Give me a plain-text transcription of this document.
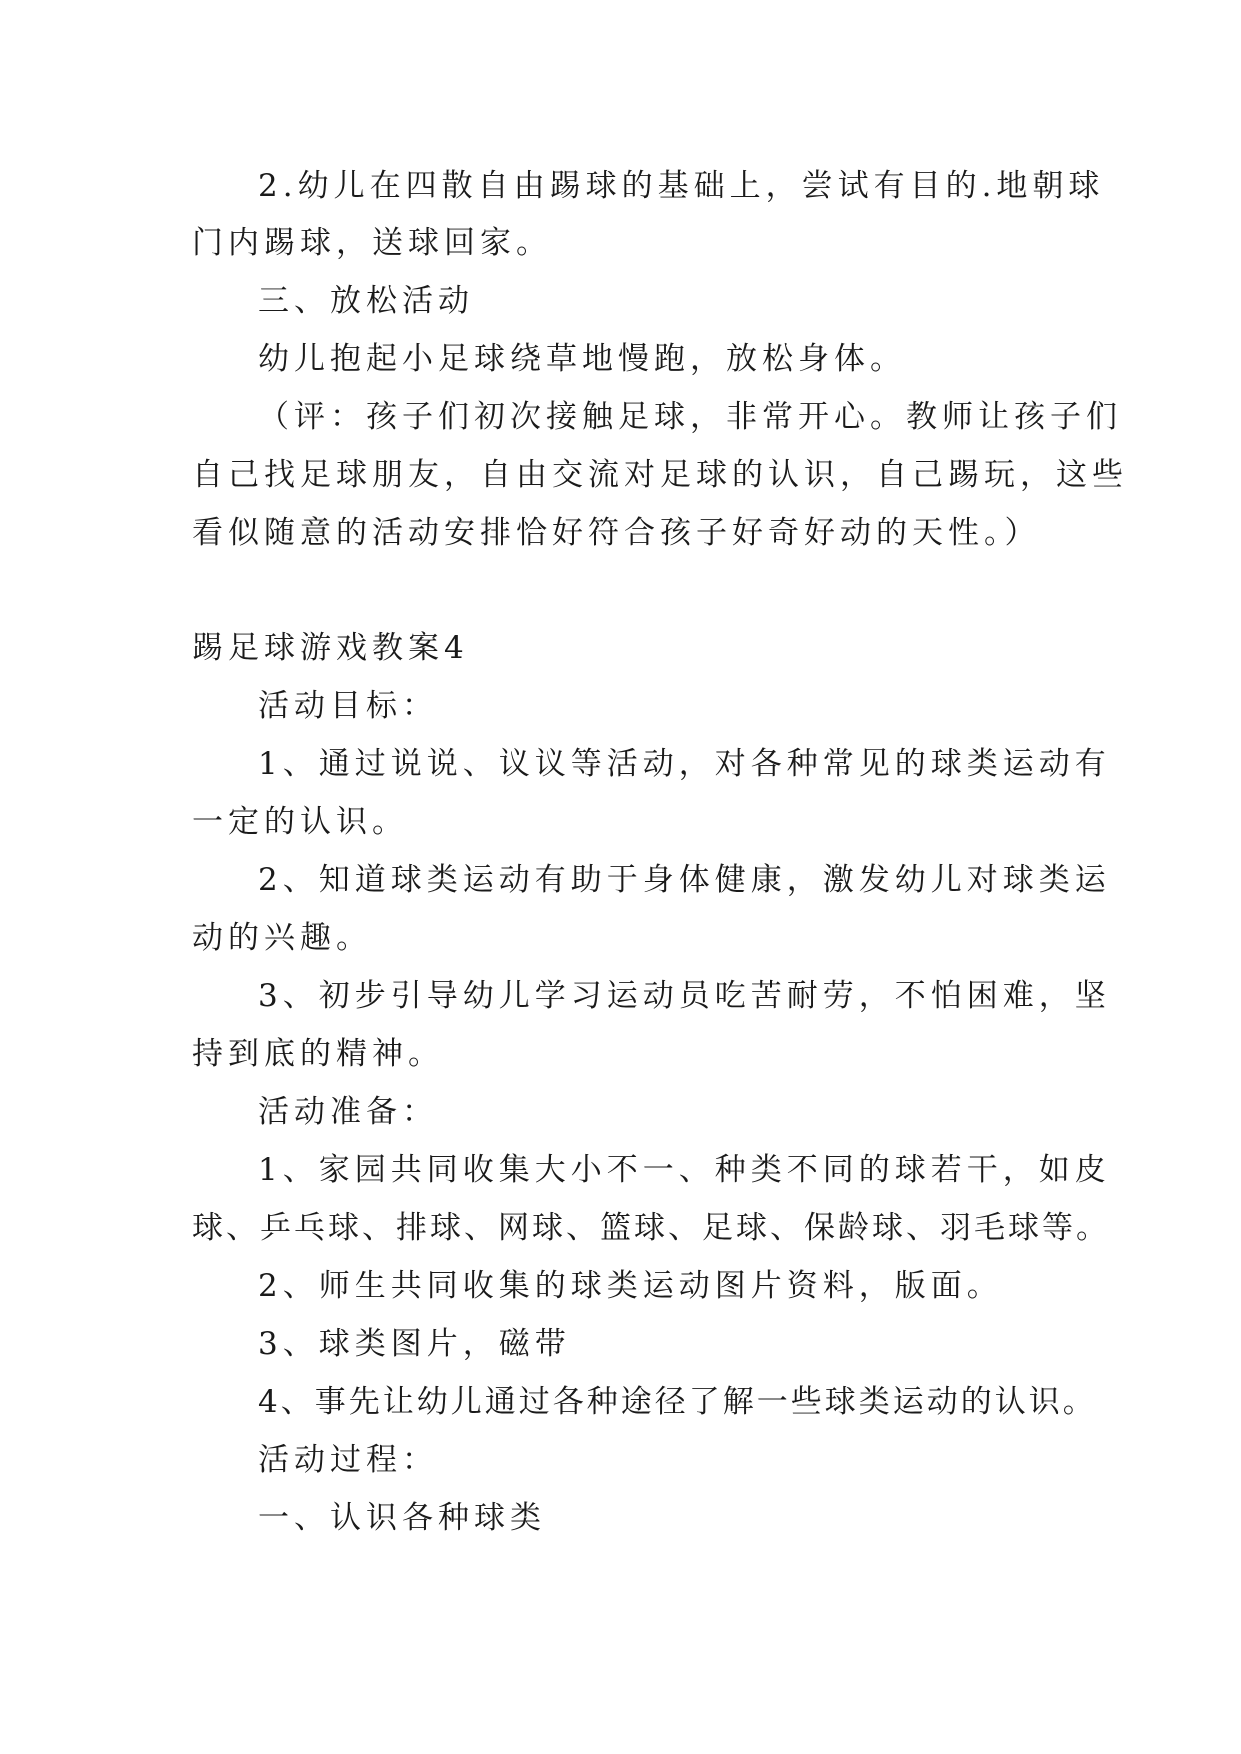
2.幼儿在四散自由踢球的基础上，尝试有目的.地朝球
门内踢球，送球回家。
三、放松活动
幼儿抱起小足球绕草地慢跑，放松身体。
（评：孩子们初次接触足球，非常开心。教师让孩子们
自己找足球朋友，自由交流对足球的认识，自己踢玩，这些
看似随意的活动安排恰好符合孩子好奇好动的天性。）
踢足球游戏教案4
活动目标：
1、通过说说、议议等活动，对各种常见的球类运动有
一定的认识。
2、知道球类运动有助于身体健康，激发幼儿对球类运
动的兴趣。
3、初步引导幼儿学习运动员吃苦耐劳，不怕困难，坚
持到底的精神。
活动准备：
1、家园共同收集大小不一、种类不同的球若干，如皮
球、乒乓球、排球、网球、篮球、足球、保龄球、羽毛球等。
2、师生共同收集的球类运动图片资料，版面。
3、球类图片，磁带
4、事先让幼儿通过各种途径了解一些球类运动的认识。
活动过程：
一、认识各种球类
